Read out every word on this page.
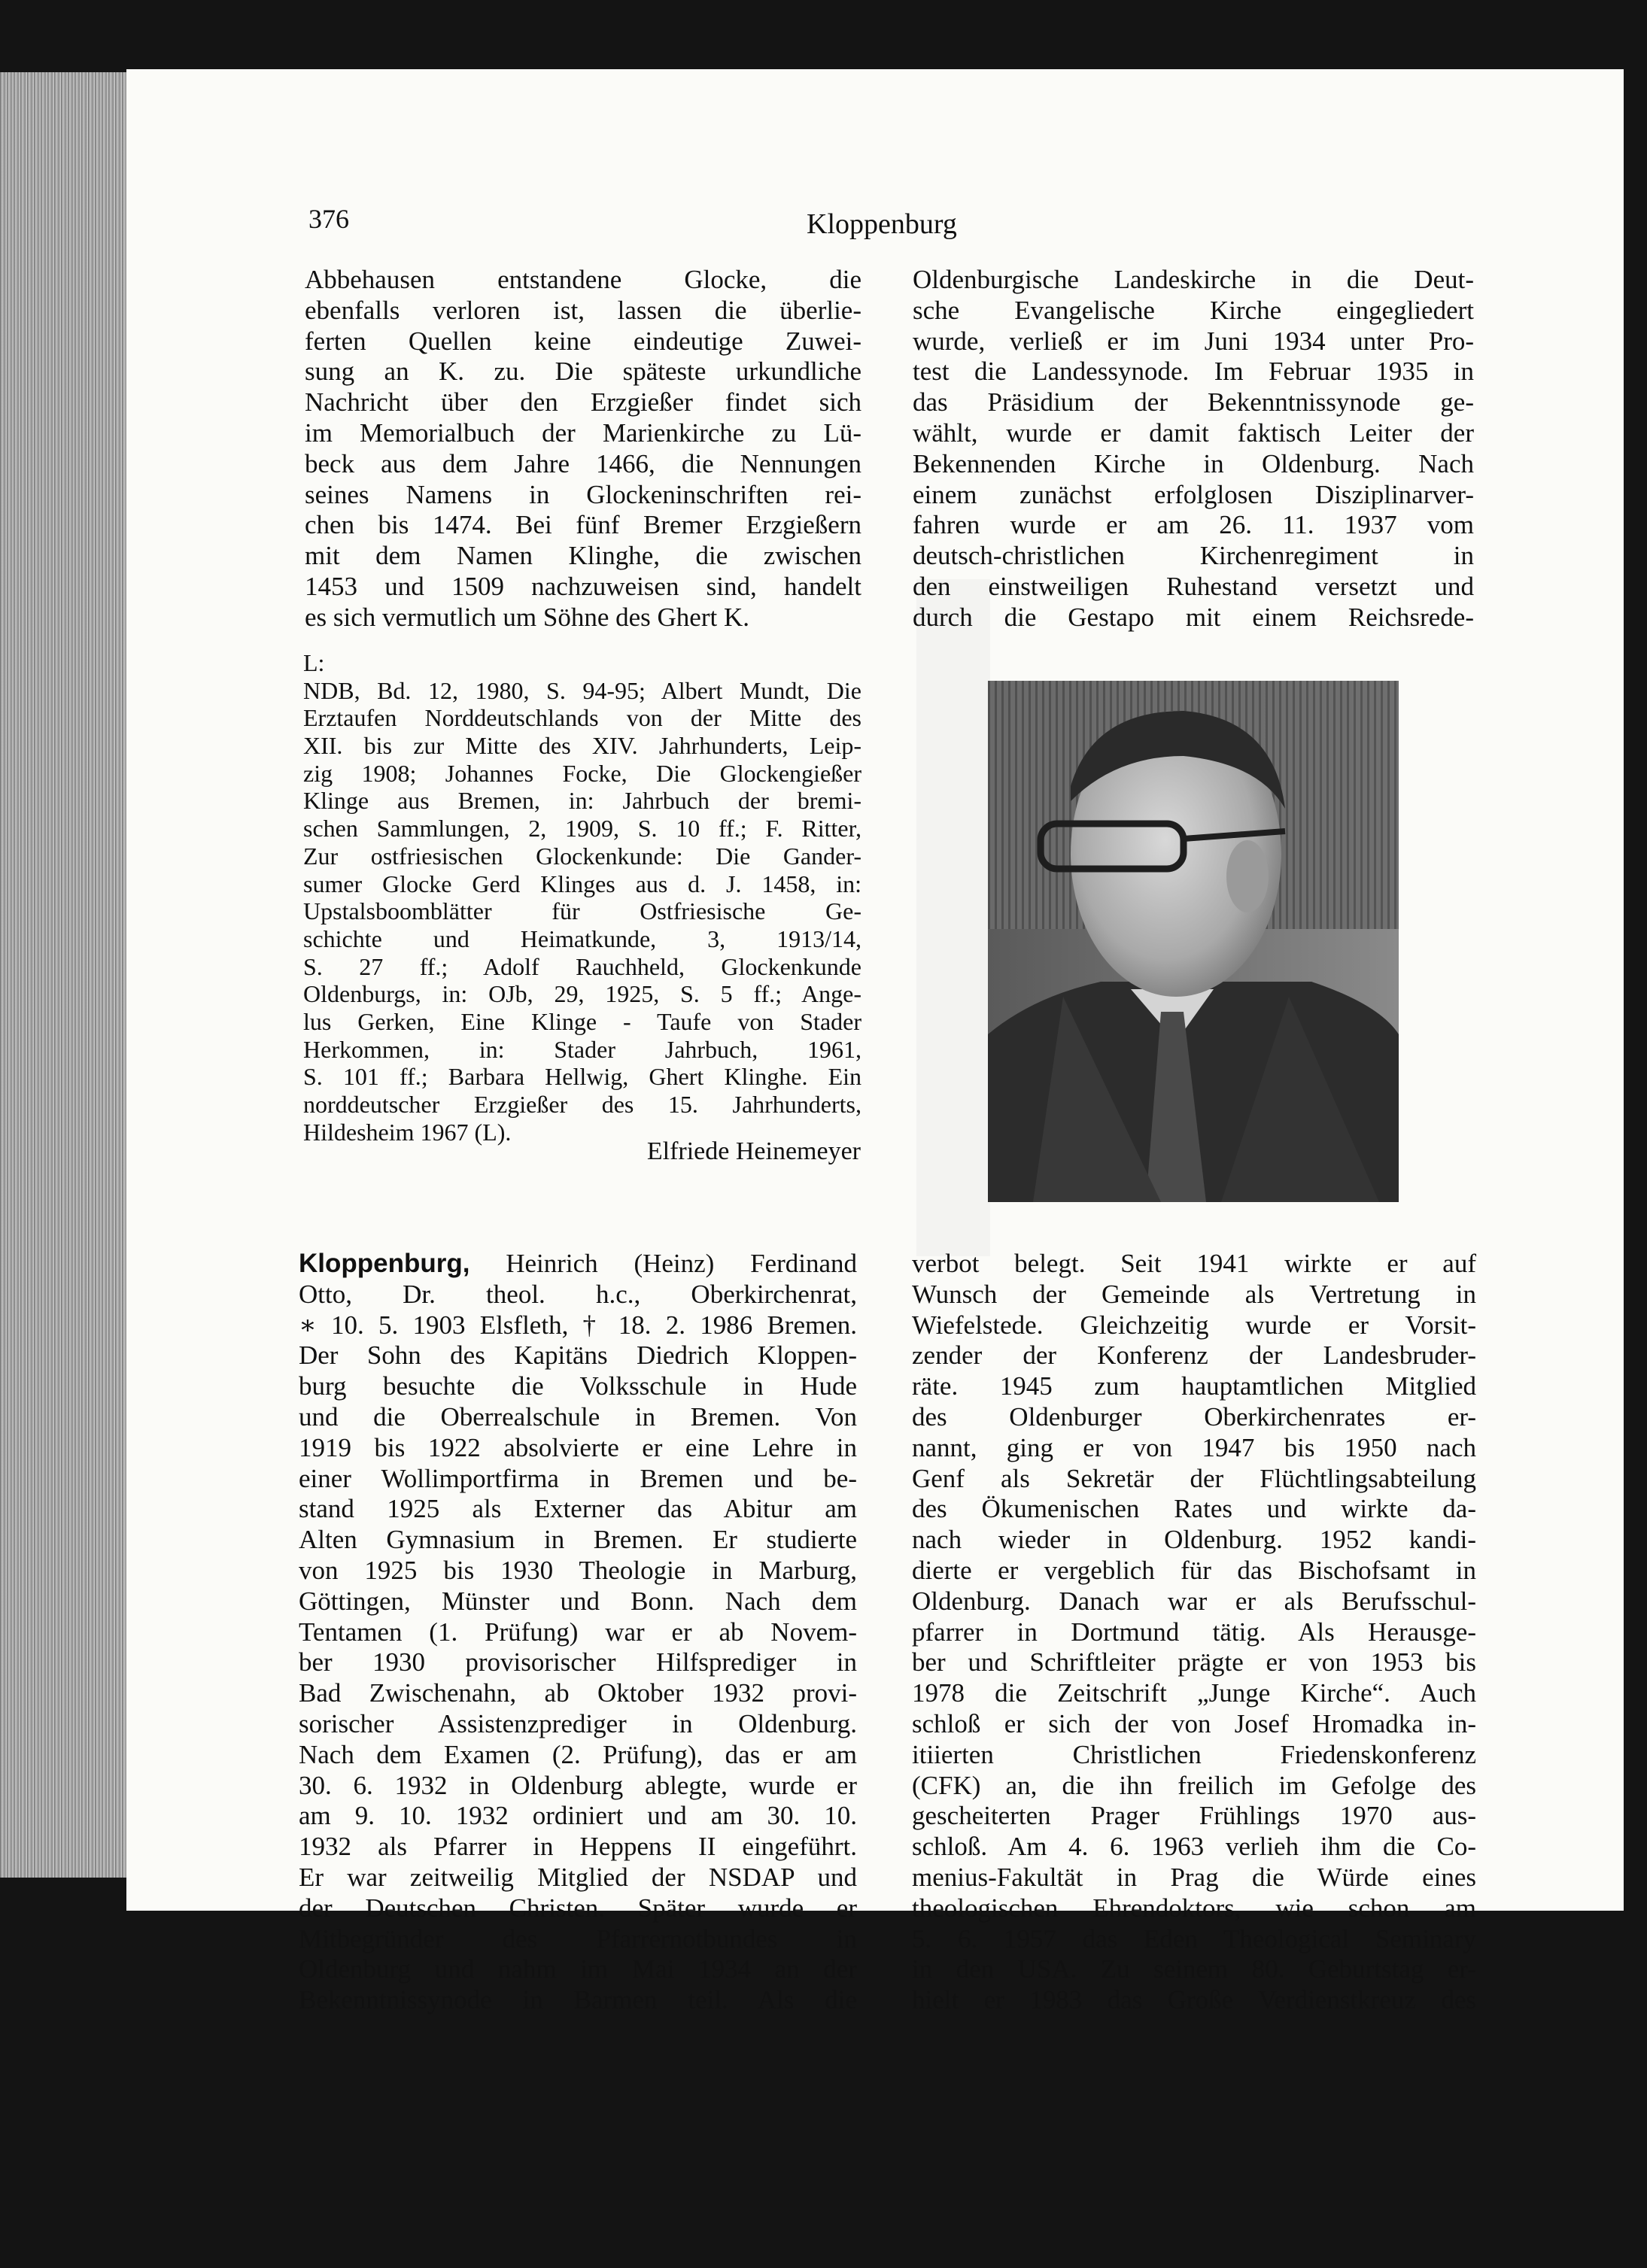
376	Kloppenburg
Abbehausen entstandene Glocke, die
ebenfalls verloren ist, lassen die überlie-
ferten Quellen keine eindeutige Zuwei-
sung an K. zu. Die späteste urkundliche
Nachricht über den Erzgießer findet sich
im Memorialbuch der Marienkirche zu Lü-
beck aus dem Jahre 1466, die Nennungen
seines Namens in Glockeninschriften rei-
chen bis 1474. Bei fünf Bremer Erzgießern
mit dem Namen Klinghe, die zwischen
1453 und 1509 nachzuweisen sind, handelt
es sich vermutlich um Söhne des Ghert K.
L:
NDB, Bd. 12, 1980, S. 94-95; Albert Mundt, Die
Erztaufen Norddeutschlands von der Mitte des
XII. bis zur Mitte des XIV. Jahrhunderts, Leip-
zig 1908; Johannes Focke, Die Glockengießer
Klinge aus Bremen, in: Jahrbuch der bremi-
schen Sammlungen, 2, 1909, S. 10 ff.; F. Ritter,
Zur ostfriesischen Glockenkunde: Die Gander-
sumer Glocke Gerd Klinges aus d. J. 1458, in:
Upstalsboomblätter für Ostfriesische Ge-
schichte und Heimatkunde, 3, 1913/14,
S. 27 ff.; Adolf Rauchheld, Glockenkunde
Oldenburgs, in: OJb, 29, 1925, S. 5 ff.; Ange-
lus Gerken, Eine Klinge - Taufe von Stader
Herkommen, in: Stader Jahrbuch, 1961,
S. 101 ff.; Barbara Hellwig, Ghert Klinghe. Ein
norddeutscher Erzgießer des 15. Jahrhunderts,
Hildesheim 1967 (L).
Elfriede Heinemeyer
Kloppenburg, Heinrich (Heinz) Ferdinand
Otto, Dr. theol. h.c., Oberkirchenrat,
∗ 10. 5. 1903 Elsfleth, † 18. 2. 1986 Bremen.
Der Sohn des Kapitäns Diedrich Kloppen-
burg besuchte die Volksschule in Hude
und die Oberrealschule in Bremen. Von
1919 bis 1922 absolvierte er eine Lehre in
einer Wollimportfirma in Bremen und be-
stand 1925 als Externer das Abitur am
Alten Gymnasium in Bremen. Er studierte
von 1925 bis 1930 Theologie in Marburg,
Göttingen, Münster und Bonn. Nach dem
Tentamen (1. Prüfung) war er ab Novem-
ber 1930 provisorischer Hilfsprediger in
Bad Zwischenahn, ab Oktober 1932 provi-
sorischer Assistenzprediger in Oldenburg.
Nach dem Examen (2. Prüfung), das er am
30. 6. 1932 in Oldenburg ablegte, wurde er
am 9. 10. 1932 ordiniert und am 30. 10.
1932 als Pfarrer in Heppens II eingeführt.
Er war zeitweilig Mitglied der NSDAP und
der Deutschen Christen. Später wurde er
Mitbegründer des Pfarrernotbundes in
Oldenburg und nahm im Mai 1934 an der
Bekenntnissynode in Barmen teil. Als die
Oldenburgische Landeskirche in die Deut-
sche Evangelische Kirche eingegliedert
wurde, verließ er im Juni 1934 unter Pro-
test die Landessynode. Im Februar 1935 in
das Präsidium der Bekenntnissynode ge-
wählt, wurde er damit faktisch Leiter der
Bekennenden Kirche in Oldenburg. Nach
einem zunächst erfolglosen Disziplinarver-
fahren wurde er am 26. 11. 1937 vom
deutsch-christlichen Kirchenregiment in
den einstweiligen Ruhestand versetzt und
durch die Gestapo mit einem Reichsrede-
verbot belegt. Seit 1941 wirkte er auf
Wunsch der Gemeinde als Vertretung in
Wiefelstede. Gleichzeitig wurde er Vorsit-
zender der Konferenz der Landesbruder-
räte. 1945 zum hauptamtlichen Mitglied
des Oldenburger Oberkirchenrates er-
nannt, ging er von 1947 bis 1950 nach
Genf als Sekretär der Flüchtlingsabteilung
des Ökumenischen Rates und wirkte da-
nach wieder in Oldenburg. 1952 kandi-
dierte er vergeblich für das Bischofsamt in
Oldenburg. Danach war er als Berufsschul-
pfarrer in Dortmund tätig. Als Herausge-
ber und Schriftleiter prägte er von 1953 bis
1978 die Zeitschrift „Junge Kirche“. Auch
schloß er sich der von Josef Hromadka in-
itiierten Christlichen Friedenskonferenz
(CFK) an, die ihn freilich im Gefolge des
gescheiterten Prager Frühlings 1970 aus-
schloß. Am 4. 6. 1963 verlieh ihm die Co-
menius-Fakultät in Prag die Würde eines
theologischen Ehrendoktors, wie schon am
5. 6. 1957 das Eden Theological Seminary
in den USA. Zu seinem 80. Geburtstag er-
hielt er 1983 das Große Verdienstkreuz des
